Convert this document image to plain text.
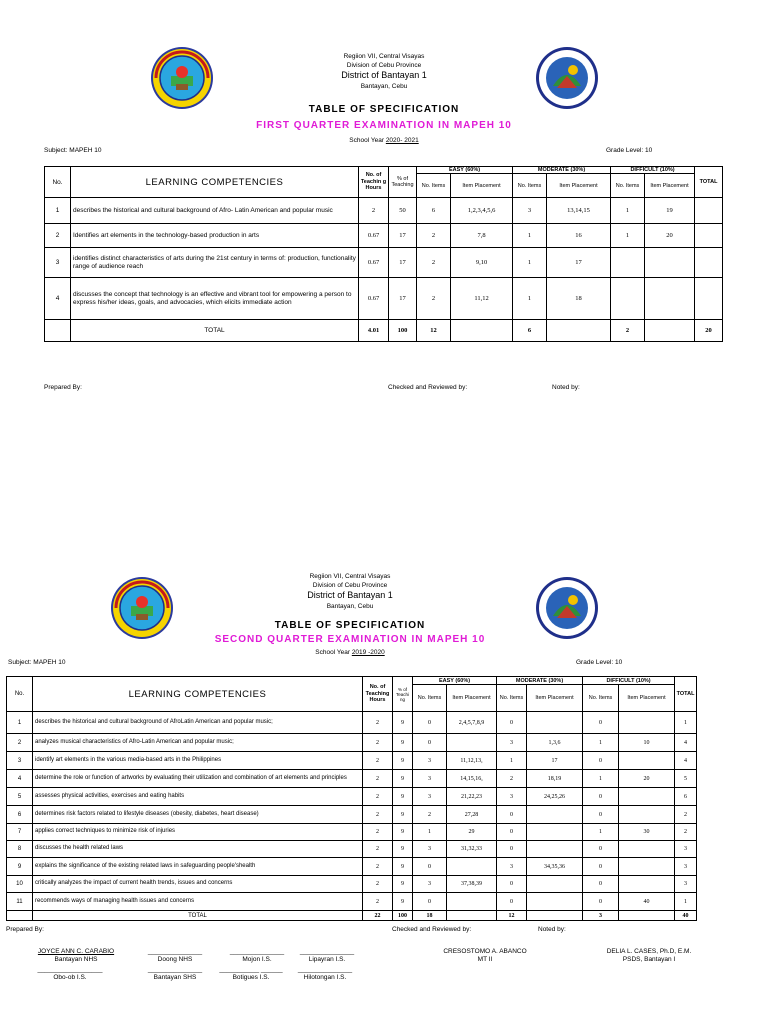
Regiion VII, Central Visayas
Division of Cebu Province
District of Bantayan 1
Bantayan, Cebu
TABLE OF SPECIFICATION
FIRST QUARTER EXAMINATION IN MAPEH 10
School Year 2020- 2021
Subject: MAPEH 10	Grade Level: 10
No.	LEARNING COMPETENCIES	No. of Teachin g Hours	% of Teaching	EASY (60%)		MODERATE (30%)		DIFFICULT (10%)		TOTAL
				No. Items	Item Placement	No. Items	Item Placement	No. Items	Item Placement	
1	describes the historical and cultural background of Afro- Latin American and popular music	2	50	6	1,2,3,4,5,6	3	13,14,15	1	19	
2	Identifies art elements in the technology-based production in arts	0.67	17	2	7,8	1	16	1	20	
3	identifies distinct characteristics of arts during the 21st century in terms of: production, functionality range of audience reach	0.67	17	2	9,10	1	17			
4	discusses the concept that technology is an effective and vibrant tool for empowering a person to express his/her ideas, goals, and advocacies, which elicits immediate action	0.67	17	2	11,12	1	18			
	TOTAL	4.01	100	12		6		2		20
Prepared By:	Checked and Reviewed by:	Noted by:
Regiion VII, Central Visayas
Division of Cebu Province
District of Bantayan 1
Bantayan, Cebu
TABLE OF SPECIFICATION
SECOND QUARTER EXAMINATION IN MAPEH 10
School Year 2019 -2020
Subject: MAPEH 10	Grade Level: 10
No.	LEARNING COMPETENCIES	No. of Teaching Hours	% of Teachi ng	EASY (60%)		MODERATE (30%)		DIFFICULT (10%)		TOTAL
				No. Items	Item Placement	No. Items	Item Placement	No. Items	Item Placement	
1	describes the historical and cultural background of AfroLatin American and popular music;	2	9	0	2,4,5,7,8,9	0		0		1
2	analyzes musical characteristics of Afro-Latin American and popular music;	2	9	0		3	1,3,6	1	10	4
3	identify art elements in the various media-based arts in the Philippines	2	9	3	11,12,13,	1	17	0		4
4	determine the role or function of artworks by evaluating their utilization and combination of art elements and principles	2	9	3	14,15,16,	2	18,19	1	20	5
5	assesses physical activities, exercises and eating habits	2	9	3	21,22,23	3	24,25,26	0		6
6	determines risk factors related to lifestyle diseases (obesity, diabetes, heart disease)	2	9	2	27,28	0		0		2
7	applies correct techniques to minimize risk of injuries	2	9	1	29	0		1	30	2
8	discusses the health related laws	2	9	3	31,32,33	0		0		3
9	explains the significance of the existing related laws in safeguarding people'shealth	2	9	0		3	34,35,36	0		3
10	critically analyzes the impact of current health trends, issues and concerns	2	9	3	37,38,39	0		0		3
11	recommends ways of managing health issues and concerns	2	9	0		0		0	40	1
	TOTAL	22	100	18		12		3		40
Prepared By:	Checked and Reviewed by:	Noted by:
JOYCE ANN C. CARABIO
Bantayan NHS
_______________
Doong NHS
_______________
Mojon I.S.
_______________
Lipayran I.S.
__________________
Obo-ob I.S.
_______________
Bantayan SHS
___________ ______
Botigues I.S.
_______________
Hilotongan I.S.
CRESOSTOMO A. ABANCO
MT II
DELIA L. CASES, Ph.D, E.M.
PSDS, Bantayan I
